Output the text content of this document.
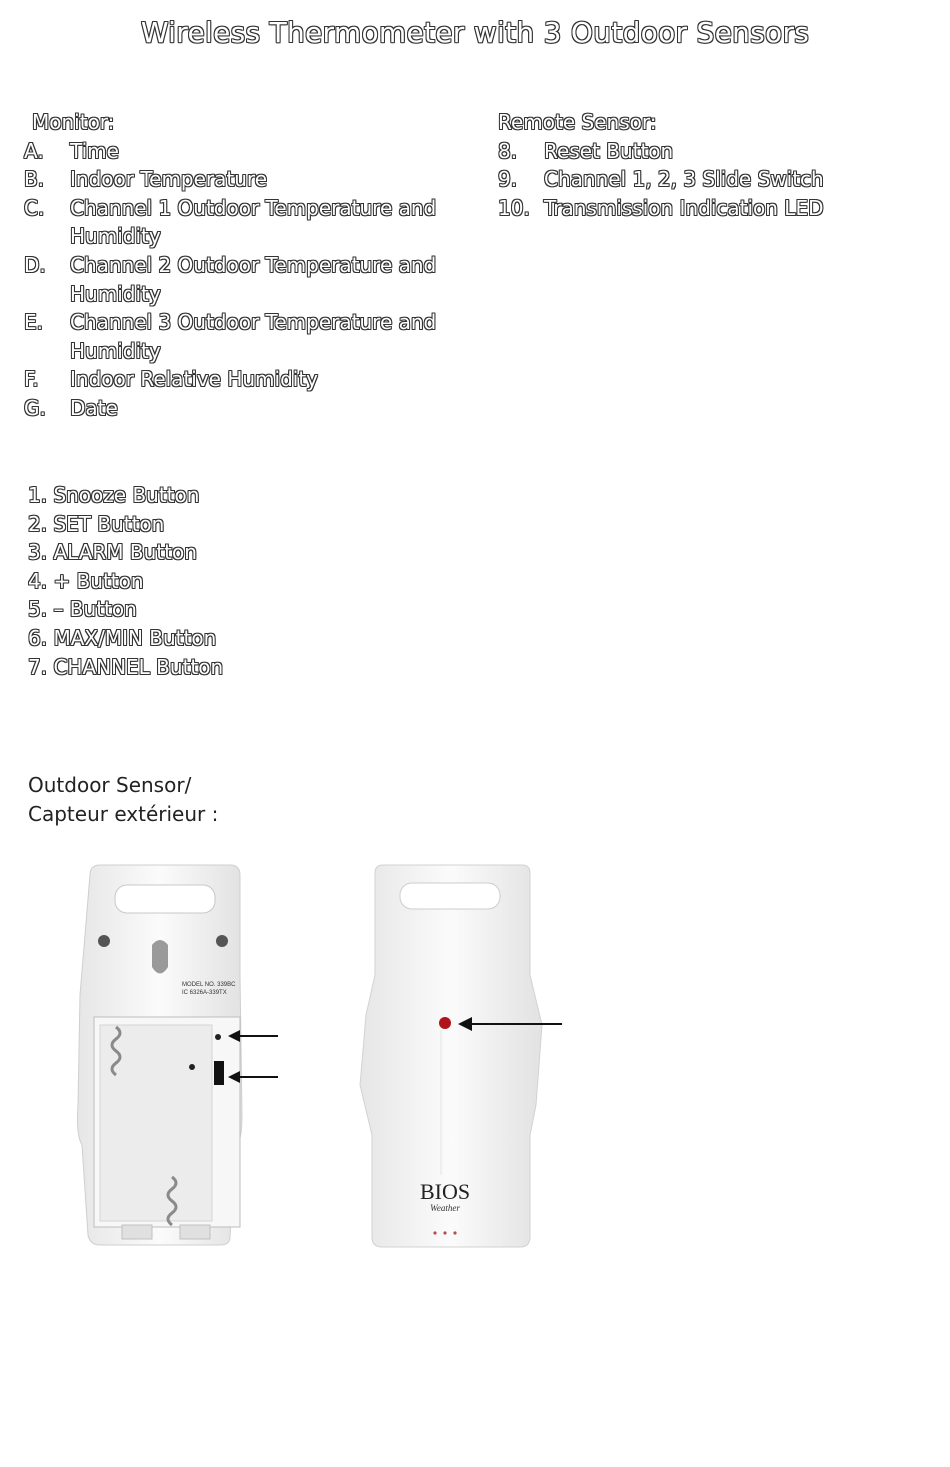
Wireless Thermometer with 3 Outdoor Sensors
Monitor:
A.	Time
B.	Indoor Temperature
C.	Channel 1 Outdoor Temperature and Humidity
D.	Channel 2 Outdoor Temperature and Humidity
E.	Channel 3 Outdoor Temperature and Humidity
F.	Indoor Relative Humidity
G.	Date
Remote Sensor:
8.	Reset Button
9.	Channel 1, 2, 3 Slide Switch
10. Transmission Indication LED
1. Snooze Button
2. SET Button
3. ALARM Button
4. + Button
5. – Button
6. MAX/MIN Button
7. CHANNEL Button
Outdoor Sensor/
Capteur extérieur :
MODEL NO. 339BC
IC 6326A-339TX
BIOS
Weather
